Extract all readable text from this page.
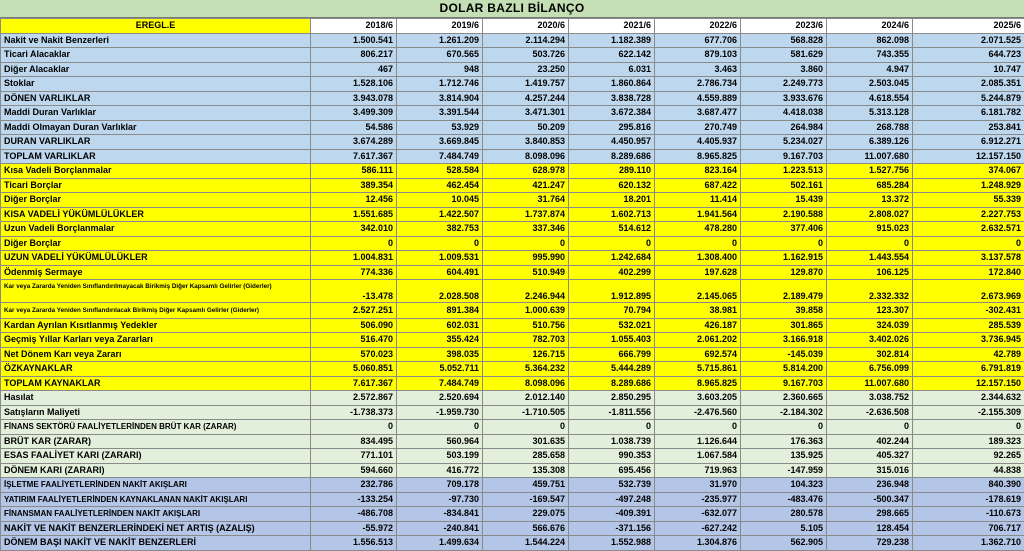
DOLAR BAZLI BİLANÇO
EREGL.E	2018/6	2019/6	2020/6	2021/6	2022/6	2023/6	2024/6	2025/6
Nakit ve Nakit Benzerleri	1.500.541	1.261.209	2.114.294	1.182.389	677.706	568.828	862.098	2.071.525
Ticari Alacaklar	806.217	670.565	503.726	622.142	879.103	581.629	743.355	644.723
Diğer Alacaklar	467	948	23.250	6.031	3.463	3.860	4.947	10.747
Stoklar	1.528.106	1.712.746	1.419.757	1.860.864	2.786.734	2.249.773	2.503.045	2.085.351
DÖNEN VARLIKLAR	3.943.078	3.814.904	4.257.244	3.838.728	4.559.889	3.933.676	4.618.554	5.244.879
Maddi Duran Varlıklar	3.499.309	3.391.544	3.471.301	3.672.384	3.687.477	4.418.038	5.313.128	6.181.782
Maddi Olmayan Duran Varlıklar	54.586	53.929	50.209	295.816	270.749	264.984	268.788	253.841
DURAN VARLIKLAR	3.674.289	3.669.845	3.840.853	4.450.957	4.405.937	5.234.027	6.389.126	6.912.271
TOPLAM VARLIKLAR	7.617.367	7.484.749	8.098.096	8.289.686	8.965.825	9.167.703	11.007.680	12.157.150
Kısa Vadeli Borçlanmalar	586.111	528.584	628.978	289.110	823.164	1.223.513	1.527.756	374.067
Ticari Borçlar	389.354	462.454	421.247	620.132	687.422	502.161	685.284	1.248.929
Diğer Borçlar	12.456	10.045	31.764	18.201	11.414	15.439	13.372	55.339
KISA VADELİ YÜKÜMLÜLÜKLER	1.551.685	1.422.507	1.737.874	1.602.713	1.941.564	2.190.588	2.808.027	2.227.753
Uzun Vadeli Borçlanmalar	342.010	382.753	337.346	514.612	478.280	377.406	915.023	2.632.571
Diğer Borçlar	0	0	0	0	0	0	0	0
UZUN VADELİ YÜKÜMLÜLÜKLER	1.004.831	1.009.531	995.990	1.242.684	1.308.400	1.162.915	1.443.554	3.137.578
Ödenmiş Sermaye	774.336	604.491	510.949	402.299	197.628	129.870	106.125	172.840
Kar veya Zararda Yeniden Sınıflandırılmayacak Birikmiş Diğer Kapsamlı Gelirler (Giderler)	-13.478	2.028.508	2.246.944	1.912.895	2.145.065	2.189.479	2.332.332	2.673.969
Kar veya Zararda Yeniden Sınıflandırılacak Birikmiş Diğer Kapsamlı Gelirler (Giderler)	2.527.251	891.384	1.000.639	70.794	38.981	39.858	123.307	-302.431
Kardan Ayrılan Kısıtlanmış Yedekler	506.090	602.031	510.756	532.021	426.187	301.865	324.039	285.539
Geçmiş Yıllar Karları veya Zararları	516.470	355.424	782.703	1.055.403	2.061.202	3.166.918	3.402.026	3.736.945
Net Dönem Karı veya Zararı	570.023	398.035	126.715	666.799	692.574	-145.039	302.814	42.789
ÖZKAYNAKLAR	5.060.851	5.052.711	5.364.232	5.444.289	5.715.861	5.814.200	6.756.099	6.791.819
TOPLAM KAYNAKLAR	7.617.367	7.484.749	8.098.096	8.289.686	8.965.825	9.167.703	11.007.680	12.157.150
Hasılat	2.572.867	2.520.694	2.012.140	2.850.295	3.603.205	2.360.665	3.038.752	2.344.632
Satışların Maliyeti	-1.738.373	-1.959.730	-1.710.505	-1.811.556	-2.476.560	-2.184.302	-2.636.508	-2.155.309
FİNANS SEKTÖRÜ FAALİYETLERİNDEN BRÜT KAR (ZARAR)	0	0	0	0	0	0	0	0
BRÜT KAR (ZARAR)	834.495	560.964	301.635	1.038.739	1.126.644	176.363	402.244	189.323
ESAS FAALİYET KARI (ZARARI)	771.101	503.199	285.658	990.353	1.067.584	135.925	405.327	92.265
DÖNEM KARI (ZARARI)	594.660	416.772	135.308	695.456	719.963	-147.959	315.016	44.838
İŞLETME FAALİYETLERİNDEN NAKİT AKIŞLARI	232.786	709.178	459.751	532.739	31.970	104.323	236.948	840.390
YATIRIM FAALİYETLERİNDEN KAYNAKLANAN NAKİT AKIŞLARI	-133.254	-97.730	-169.547	-497.248	-235.977	-483.476	-500.347	-178.619
FİNANSMAN FAALİYETLERİNDEN NAKİT AKIŞLARI	-486.708	-834.841	229.075	-409.391	-632.077	280.578	298.665	-110.673
NAKİT VE NAKİT BENZERLERİNDEKİ NET ARTIŞ (AZALIŞ)	-55.972	-240.841	566.676	-371.156	-627.242	5.105	128.454	706.717
DÖNEM BAŞI NAKİT VE NAKİT BENZERLERİ	1.556.513	1.499.634	1.544.224	1.552.988	1.304.876	562.905	729.238	1.362.710
